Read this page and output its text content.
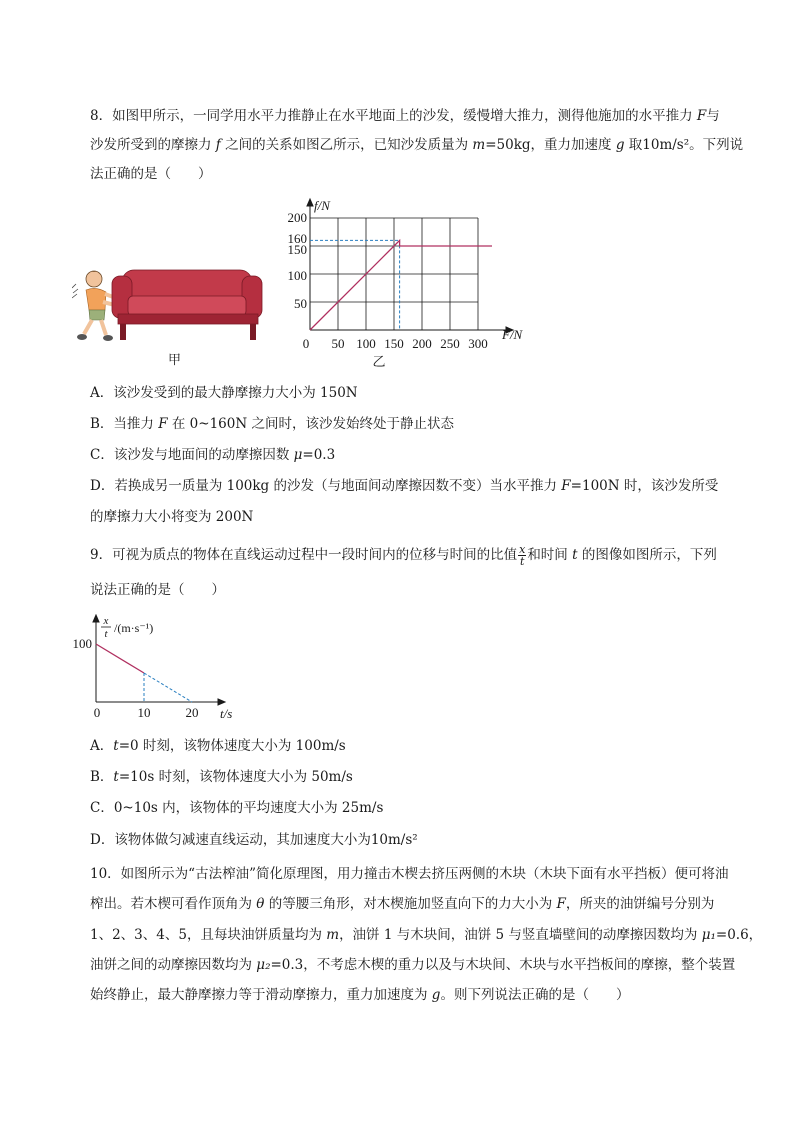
8．如图甲所示，一同学用水平力推静止在水平地面上的沙发，缓慢增大推力，测得他施加的水平推力 F与
沙发所受到的摩擦力 f 之间的关系如图乙所示，已知沙发质量为 m=50kg，重力加速度 g 取10m/s²。下列说
法正确的是（　　）
甲
200
160
150
100
50
0 50 100 150 200 250 300
f/N
F/N
乙
A．该沙发受到的最大静摩擦力大小为 150N
B．当推力 F 在 0~160N 之间时，该沙发始终处于静止状态
C．该沙发与地面间的动摩擦因数 μ=0.3
D．若换成另一质量为 100kg 的沙发（与地面间动摩擦因数不变）当水平推力 F=100N 时，该沙发所受
的摩擦力大小将变为 200N
9．可视为质点的物体在直线运动过程中一段时间内的位移与时间的比值 $\frac{x}{t}$ 和时间 t 的图像如图所示，下列
说法正确的是（　　）
100
0	10	20 t/s
x
t /(m·s⁻¹)
A．t=0 时刻，该物体速度大小为 100m/s
B．t=10s 时刻，该物体速度大小为 50m/s
C．0~10s 内，该物体的平均速度大小为 25m/s
D．该物体做匀减速直线运动，其加速度大小为10m/s²
10．如图所示为“古法榨油”简化原理图，用力撞击木楔去挤压两侧的木块（木块下面有水平挡板）便可将油
榨出。若木楔可看作顶角为 θ 的等腰三角形，对木楔施加竖直向下的力大小为 F，所夹的油饼编号分别为
1、2、3、4、5，且每块油饼质量均为 m，油饼 1 与木块间，油饼 5 与竖直墙壁间的动摩擦因数均为 μ₁=0.6，
油饼之间的动摩擦因数均为 μ₂=0.3，不考虑木楔的重力以及与木块间、木块与水平挡板间的摩擦，整个装置
始终静止，最大静摩擦力等于滑动摩擦力，重力加速度为 g。则下列说法正确的是（　　）
